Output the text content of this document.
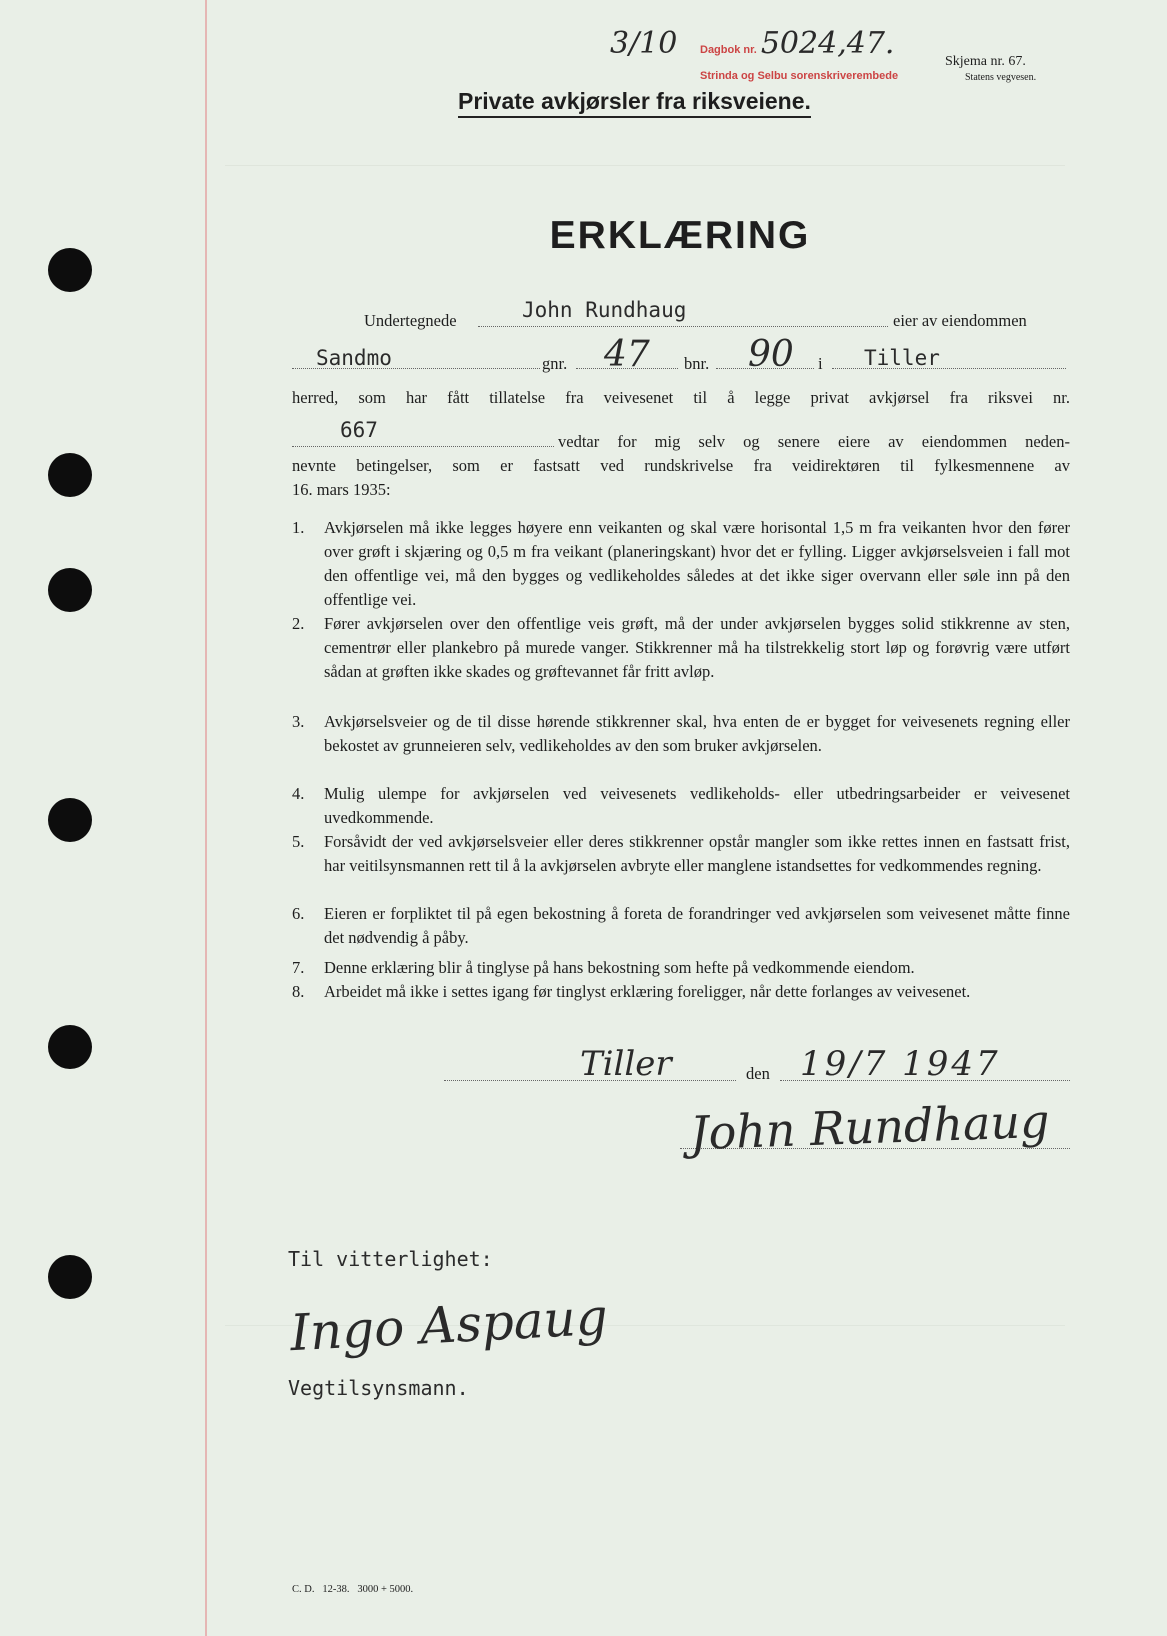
3/10 Dagbok nr. 5024,47.
Strinda og Selbu sorenskriverembede
Skjema nr. 67.
Statens vegvesen.
Private avkjørsler fra riksveiene.
ERKLÆRING
Undertegnede	John Rundhaug	eier av eiendommen
Sandmo	gnr. 47 bnr. 90 i Tiller
herred, som har fått tillatelse fra veivesenet til å legge privat avkjørsel fra riksvei nr.
667	vedtar for mig selv og senere eiere av eiendommen neden-
nevnte betingelser, som er fastsatt ved rundskrivelse fra veidirektøren til fylkesmennene av
16. mars 1935:
1. Avkjørselen må ikke legges høyere enn veikanten og skal være horisontal 1,5 m fra veikanten hvor den fører over grøft i skjæring og 0,5 m fra veikant (planeringskant) hvor det er fylling. Ligger avkjørselsveien i fall mot den offentlige vei, må den bygges og vedlikeholdes således at det ikke siger overvann eller søle inn på den offentlige vei.
2. Fører avkjørselen over den offentlige veis grøft, må der under avkjørselen bygges solid stikkrenne av sten, cementrør eller plankebro på murede vanger. Stikkrenner må ha tilstrekkelig stort løp og forøvrig være utført sådan at grøften ikke skades og grøftevannet får fritt avløp.
3. Avkjørselsveier og de til disse hørende stikkrenner skal, hva enten de er bygget for veivesenets regning eller bekostet av grunneieren selv, vedlikeholdes av den som bruker avkjørselen.
4. Mulig ulempe for avkjørselen ved veivesenets vedlikeholds- eller utbedringsarbeider er veivesenet uvedkommende.
5. Forsåvidt der ved avkjørselsveier eller deres stikkrenner opstår mangler som ikke rettes innen en fastsatt frist, har veitilsynsmannen rett til å la avkjørselen avbryte eller manglene istandsettes for vedkommendes regning.
6. Eieren er forpliktet til på egen bekostning å foreta de forandringer ved avkjørselen som veivesenet måtte finne det nødvendig å påby.
7. Denne erklæring blir å tinglyse på hans bekostning som hefte på vedkommende eiendom.
8. Arbeidet må ikke i settes igang før tinglyst erklæring foreligger, når dette forlanges av veivesenet.
Tiller	den 19/7 1947
John Rundhaug
Til vitterlighet:
Ingo Aspaug
Vegtilsynsmann.
C. D.   12-38.   3000 + 5000.
